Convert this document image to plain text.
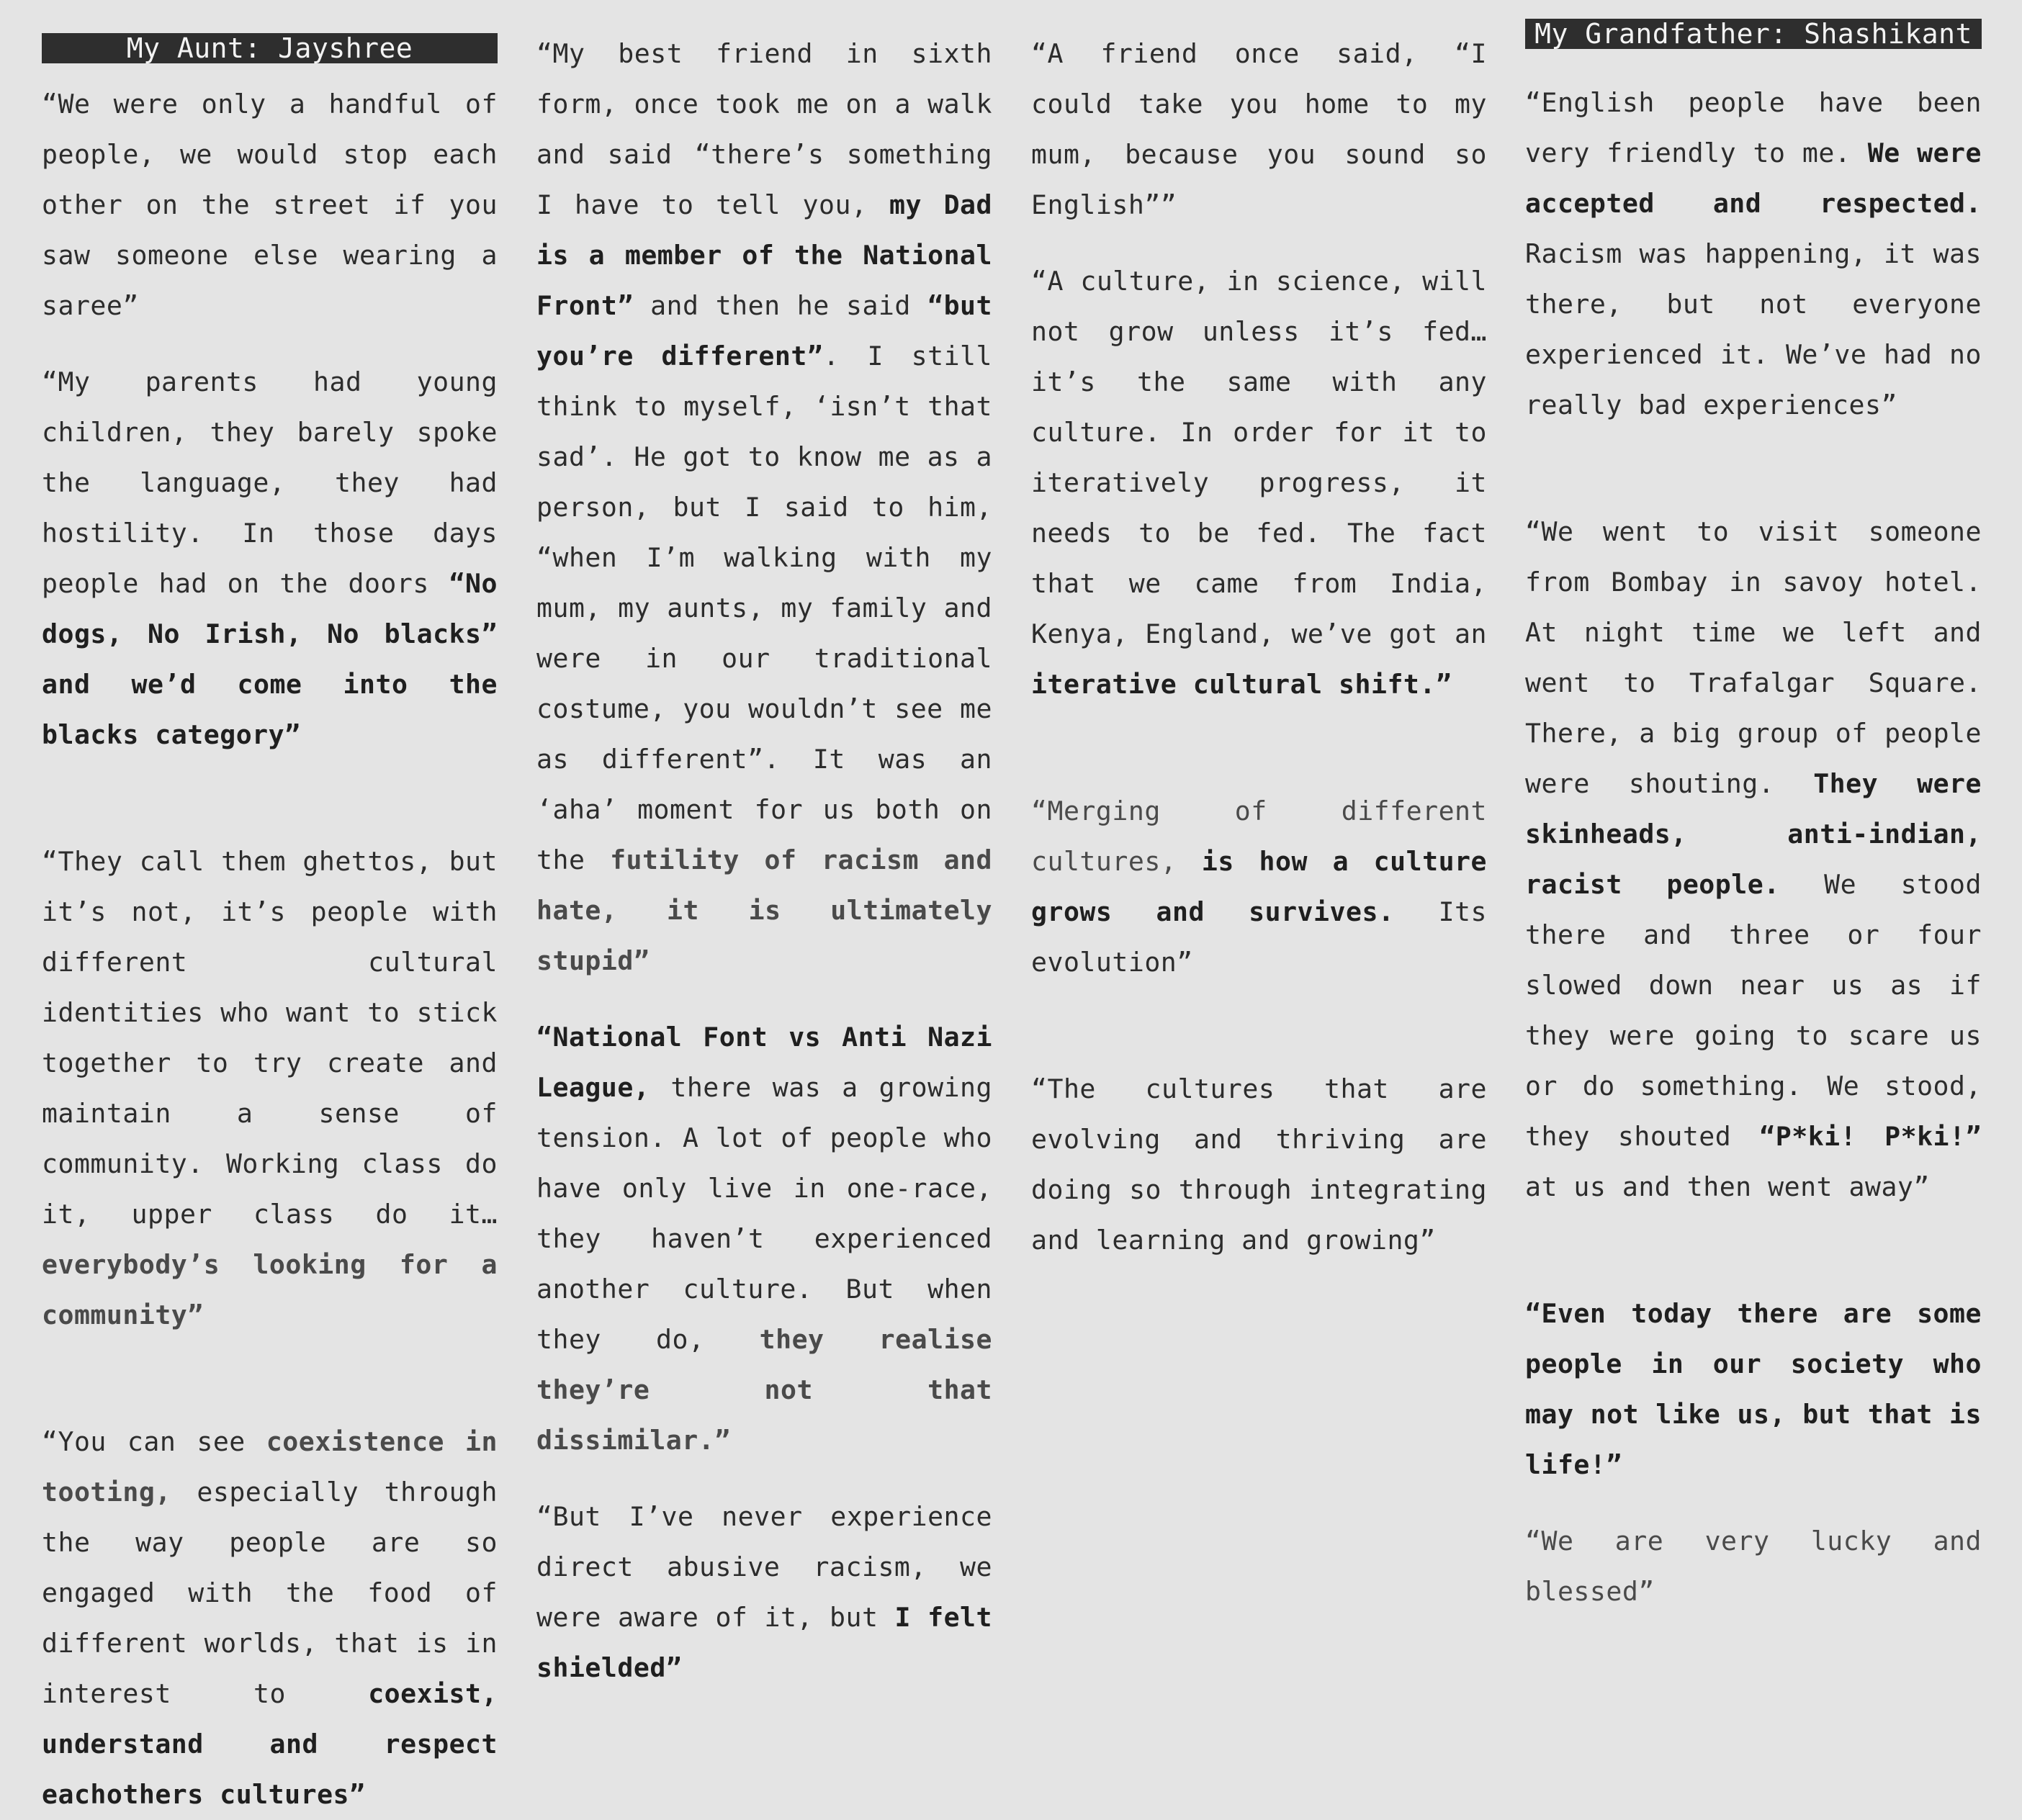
My Aunt: Jayshree

“We were only a handful of people, we would stop each other on the street if you saw someone else wearing a saree”

“My parents had young children, they barely spoke the language, they had hostility. In those days people had on the doors “No dogs, No Irish, No blacks” and we’d come into the blacks category”

“They call them ghettos, but it’s not, it’s people with different cultural identities who want to stick together to try create and maintain a sense of community. Working class do it, upper class do it… everybody’s looking for a community”

“You can see coexistence in tooting, especially through the way people are so engaged with the food of different worlds, that is in interest to coexist, understand and respect eachothers cultures”

“My best friend in sixth form, once took me on a walk and said “there’s something I have to tell you, my Dad is a member of the National Front” and then he said “but you’re different”. I still think to myself, ‘isn’t that sad’. He got to know me as a person, but I said to him, “when I’m walking with my mum, my aunts, my family and were in our traditional costume, you wouldn’t see me as different”. It was an ‘aha’ moment for us both on the futility of racism and hate, it is ultimately stupid”

“National Font vs Anti Nazi League, there was a growing tension. A lot of people who have only live in one-race, they haven’t experienced another culture. But when they do, they realise they’re not that dissimilar.”

“But I’ve never experience direct abusive racism, we were aware of it, but I felt shielded”

“A friend once said, “I could take you home to my mum, because you sound so English””

“A culture, in science, will not grow unless it’s fed… it’s the same with any culture. In order for it to iteratively progress, it needs to be fed. The fact that we came from India, Kenya, England, we’ve got an iterative cultural shift.”

“Merging of different cultures, is how a culture grows and survives. Its evolution”

“The cultures that are evolving and thriving are doing so through integrating and learning and growing”

My Grandfather: Shashikant

“English people have been very friendly to me. We were accepted and respected. Racism was happening, it was there, but not everyone experienced it. We’ve had no really bad experiences”

“We went to visit someone from Bombay in savoy hotel. At night time we left and went to Trafalgar Square. There, a big group of people were shouting. They were skinheads, anti-indian, racist people. We stood there and three or four slowed down near us as if they were going to scare us or do something. We stood, they shouted “P*ki! P*ki!” at us and then went away”

“Even today there are some people in our society who may not like us, but that is life!”

“We are very lucky and blessed”
